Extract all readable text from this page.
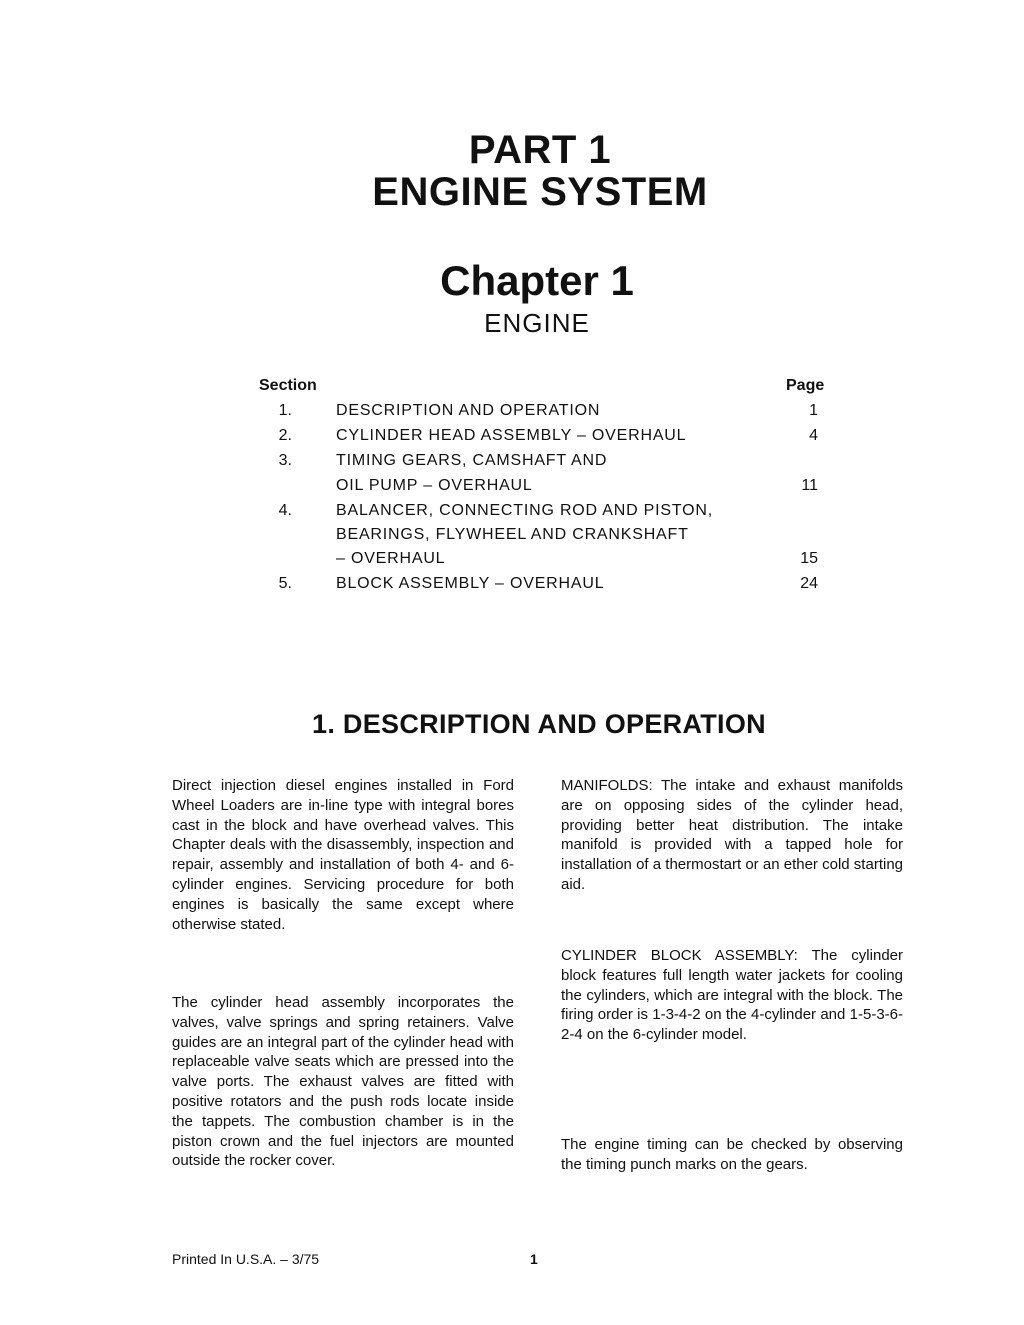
PART 1
ENGINE SYSTEM
Chapter 1
ENGINE
Section	Page
1.	DESCRIPTION AND OPERATION	1
2.	CYLINDER HEAD ASSEMBLY – OVERHAUL	4
3.	TIMING GEARS, CAMSHAFT AND
OIL PUMP – OVERHAUL	11
4.	BALANCER, CONNECTING ROD AND PISTON,
BEARINGS, FLYWHEEL AND CRANKSHAFT
– OVERHAUL	15
5.	BLOCK ASSEMBLY – OVERHAUL	24
1. DESCRIPTION AND OPERATION

Direct injection diesel engines installed in Ford Wheel Loaders are in-line type with integral bores cast in the block and have overhead valves. This Chapter deals with the disassembly, inspection and repair, assembly and installation of both 4- and 6-cylinder engines. Servicing procedure for both engines is basically the same except where otherwise stated.

The cylinder head assembly incorporates the valves, valve springs and spring retainers. Valve guides are an integral part of the cylinder head with replaceable valve seats which are pressed into the valve ports. The exhaust valves are fitted with positive rotators and the push rods locate inside the tappets. The combustion chamber is in the piston crown and the fuel injectors are mounted outside the rocker cover.

MANIFOLDS: The intake and exhaust manifolds are on opposing sides of the cylinder head, providing better heat distribution. The intake manifold is provided with a tapped hole for installation of a thermostart or an ether cold starting aid.

CYLINDER BLOCK ASSEMBLY: The cylinder block features full length water jackets for cooling the cylinders, which are integral with the block. The firing order is 1-3-4-2 on the 4-cylinder and 1-5-3-6-2-4 on the 6-cylinder model.

The engine timing can be checked by observing the timing punch marks on the gears.

Printed In U.S.A. – 3/75	1
